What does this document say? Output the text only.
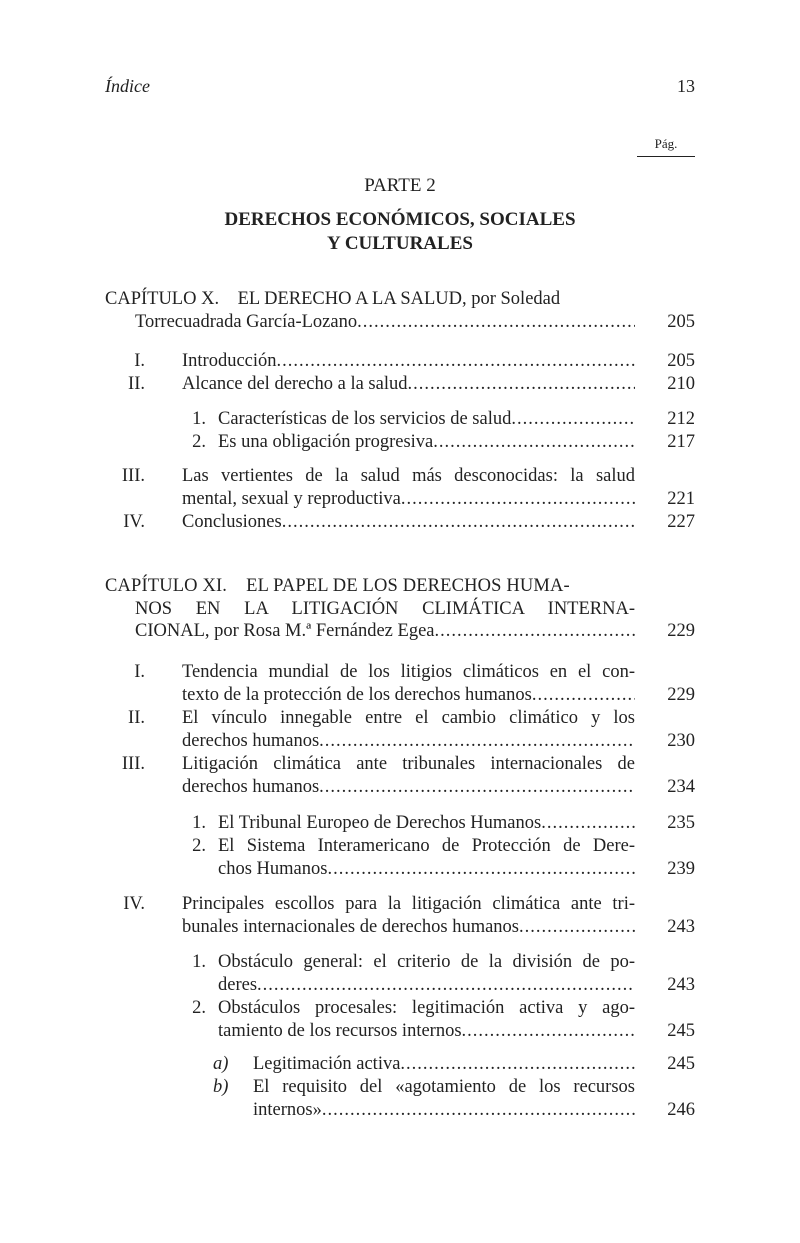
Índice	13
Pág.
PARTE 2
DERECHOS ECONÓMICOS, SOCIALES
Y CULTURALES
CAPÍTULO X.    EL DERECHO A LA SALUD, por Soledad
Torrecuadrada García-Lozano .....	205
I. Introducción .....	205
II. Alcance del derecho a la salud .....	210
1. Características de los servicios de salud .....	212
2. Es una obligación progresiva .....	217
III. Las vertientes de la salud más desconocidas: la salud
mental, sexual y reproductiva .....	221
IV. Conclusiones .....	227
CAPÍTULO XI.    EL PAPEL DE LOS DERECHOS HUMA-
NOS EN LA LITIGACIÓN CLIMÁTICA INTERNA-
CIONAL, por Rosa M.ª Fernández Egea .....	229
I. Tendencia mundial de los litigios climáticos en el con-
texto de la protección de los derechos humanos .....	229
II. El vínculo innegable entre el cambio climático y los
derechos humanos .....	230
III. Litigación climática ante tribunales internacionales de
derechos humanos .....	234
1. El Tribunal Europeo de Derechos Humanos .....	235
2. El Sistema Interamericano de Protección de Dere-
chos Humanos .....	239
IV. Principales escollos para la litigación climática ante tri-
bunales internacionales de derechos humanos .....	243
1. Obstáculo general: el criterio de la división de po-
deres .....	243
2. Obstáculos procesales: legitimación activa y ago-
tamiento de los recursos internos .....	245
a)	Legitimación activa .....	245
b)	El requisito del «agotamiento de los recursos
internos» .....	246
